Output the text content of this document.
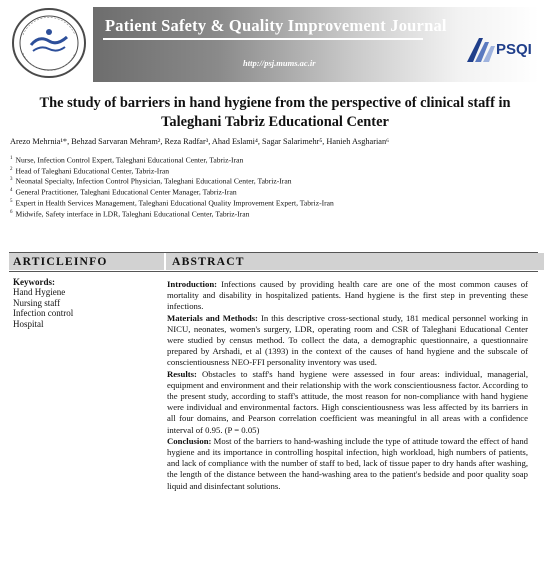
Patient Safety & Quality Improvement Journal
http://psj.mums.ac.ir
PSQI
The study of barriers in hand hygiene from the perspective of clinical staff in
Taleghani Tabriz Educational Center
Arezo Mehrnia¹*, Behzad Sarvaran Mehram², Reza Radfar³, Ahad Eslami⁴, Sagar Salarimehr⁵, Hanieh Asgharian⁶
$^1$ Nurse, Infection Control Expert, Taleghani Educational Center, Tabriz-Iran
$^2$ Head of Taleghani Educational Center, Tabriz-Iran
$^3$ Neonatal Specialty, Infection Control Physician, Taleghani Educational Center, Tabriz-Iran
$^4$ General Practitioner, Taleghani Educational Center Manager, Tabriz-Iran
$^5$ Expert in Health Services Management, Taleghani Educational Quality Improvement Expert, Tabriz-Iran
$^6$ Midwife, Safety interface in LDR, Taleghani Educational Center, Tabriz-Iran
ARTICLEINFO	ABSTRACT
Keywords:
Hand Hygiene
Nursing staff
Infection control
Hospital

Introduction: Infections caused by providing health care are one of the most common causes of mortality and disability in hospitalized patients. Hand hygiene is the first step in preventing these infections.

Materials and Methods: In this descriptive cross-sectional study, 181 medical personnel working in NICU, neonates, women's surgery, LDR, operating room and CSR of Taleghani Educational Center were studied by census method. To collect the data, a demographic questionnaire, a questionnaire prepared by Arshadi, et al (1393) in the context of the causes of hand hygiene and the subscale of conscientiousness NEO-FFI personality inventory was used.

Results: Obstacles to staff's hand hygiene were assessed in four areas: individual, managerial, equipment and environment and their relationship with the work conscientiousness factor. According to the present study, according to staff's attitude, the most reason for non-compliance with hand hygiene were individual and environmental factors. High conscientiousness was less affected by its barriers in all four domains, and Pearson correlation coefficient was meaningful in all areas with a confidence interval of 0.95. (P = 0.05)

Conclusion: Most of the barriers to hand-washing include the type of attitude toward the effect of hand hygiene and its importance in controlling hospital infection, high workload, high numbers of patients, and lack of compliance with the number of staff to bed, lack of tissue paper to dry hands after washing, the length of the distance between the hand-washing area to the patient's bedside and poor quality soap liquid and disinfectant solutions.
